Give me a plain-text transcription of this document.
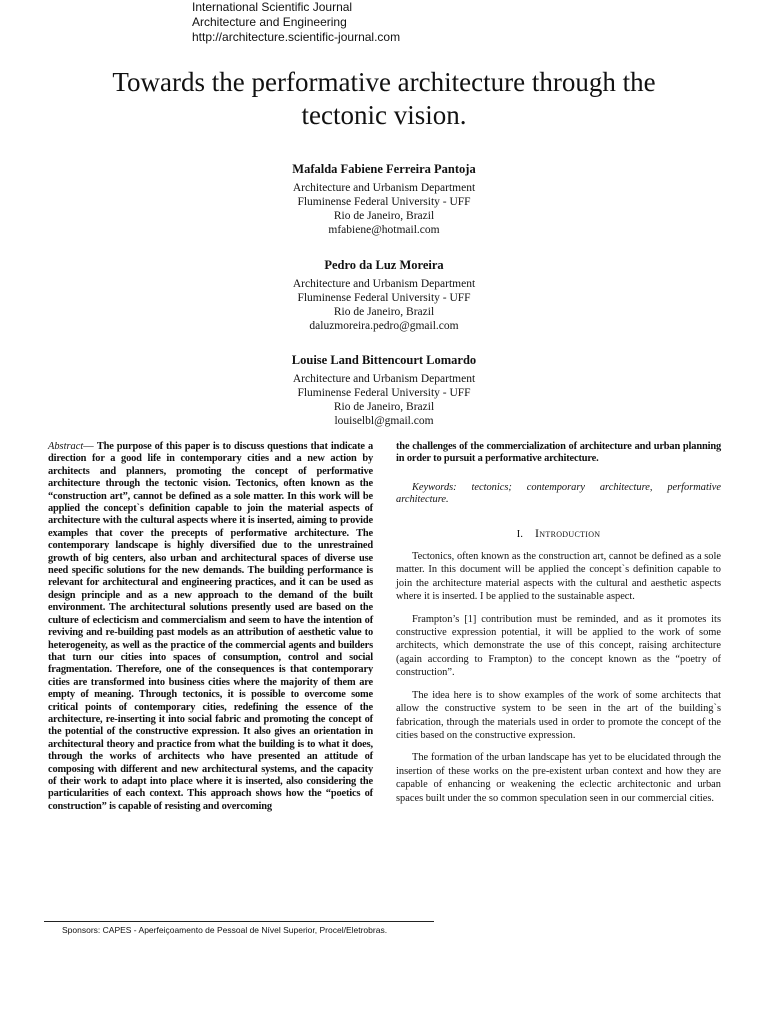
International Scientific Journal
Architecture and Engineering
http://architecture.scientific-journal.com
Towards the performative architecture through the
tectonic vision.
Mafalda Fabiene Ferreira Pantoja
Architecture and Urbanism Department
Fluminense Federal University - UFF
Rio de Janeiro, Brazil
mfabiene@hotmail.com
Pedro da Luz Moreira
Architecture and Urbanism Department
Fluminense Federal University - UFF
Rio de Janeiro, Brazil
daluzmoreira.pedro@gmail.com
Louise Land Bittencourt Lomardo
Architecture and Urbanism Department
Fluminense Federal University - UFF
Rio de Janeiro, Brazil
louiselbl@gmail.com
Abstract— The purpose of this paper is to discuss questions that indicate a direction for a good life in contemporary cities and a new action by architects and planners, promoting the concept of performative architecture through the tectonic vision. Tectonics, often known as the “construction art”, cannot be defined as a sole matter. In this work will be applied the concept`s definition capable to join the material aspects of architecture with the cultural aspects where it is inserted, aiming to provide examples that cover the precepts of performative architecture. The contemporary landscape is highly diversified due to the unrestrained growth of big centers, also urban and architectural spaces of diverse use need specific solutions for the new demands. The building performance is relevant for architectural and engineering practices, and it can be used as design principle and as a new approach to the demand of the built environment. The architectural solutions presently used are based on the culture of eclecticism and commercialism and seem to have the intention of reviving and re-building past models as an attribution of aesthetic value to heterogeneity, as well as the practice of the commercial agents and builders that turn our cities into spaces of consumption, control and social fragmentation. Therefore, one of the consequences is that contemporary cities are transformed into business cities where the majority of them are empty of meaning. Through tectonics, it is possible to overcome some critical points of contemporary cities, redefining the essence of the architecture, re-inserting it into social fabric and promoting the concept of the potential of the constructive expression. It also gives an orientation in architectural theory and practice from what the building is to what it does, through the works of architects who have presented an attitude of composing with different and new architectural systems, and the capacity of their work to adapt into place where it is inserted, also considering the particularities of each context. This approach shows how the “poetics of construction” is capable of resisting and overcoming
the challenges of the commercialization of architecture and urban planning in order to pursuit a performative architecture.
Keywords: tectonics; contemporary architecture, performative architecture.
I. Introduction

Tectonics, often known as the construction art, cannot be defined as a sole matter. In this document will be applied the concept`s definition capable to join the architecture material aspects with the cultural and aesthetic aspects where it is inserted. I be applied to the sustainable aspect.

Frampton’s [1] contribution must be reminded, and as it promotes its constructive expression potential, it will be applied to the work of some architects, which demonstrate the use of this concept, raising architecture (again according to Frampton) to the concept known as the “poetry of construction”.

The idea here is to show examples of the work of some architects that allow the constructive system to be seen in the art of the building`s fabrication, through the materials used in order to promote the concept of the cities based on the constructive expression.

The formation of the urban landscape has yet to be elucidated through the insertion of these works on the pre-existent urban context and how they are capable of enhancing or weakening the eclectic architectonic and urban spaces built under the so common speculation seen in our commercial cities.

Sponsors: CAPES - Aperfeiçoamento de Pessoal de Nível Superior, Procel/Eletrobras.
